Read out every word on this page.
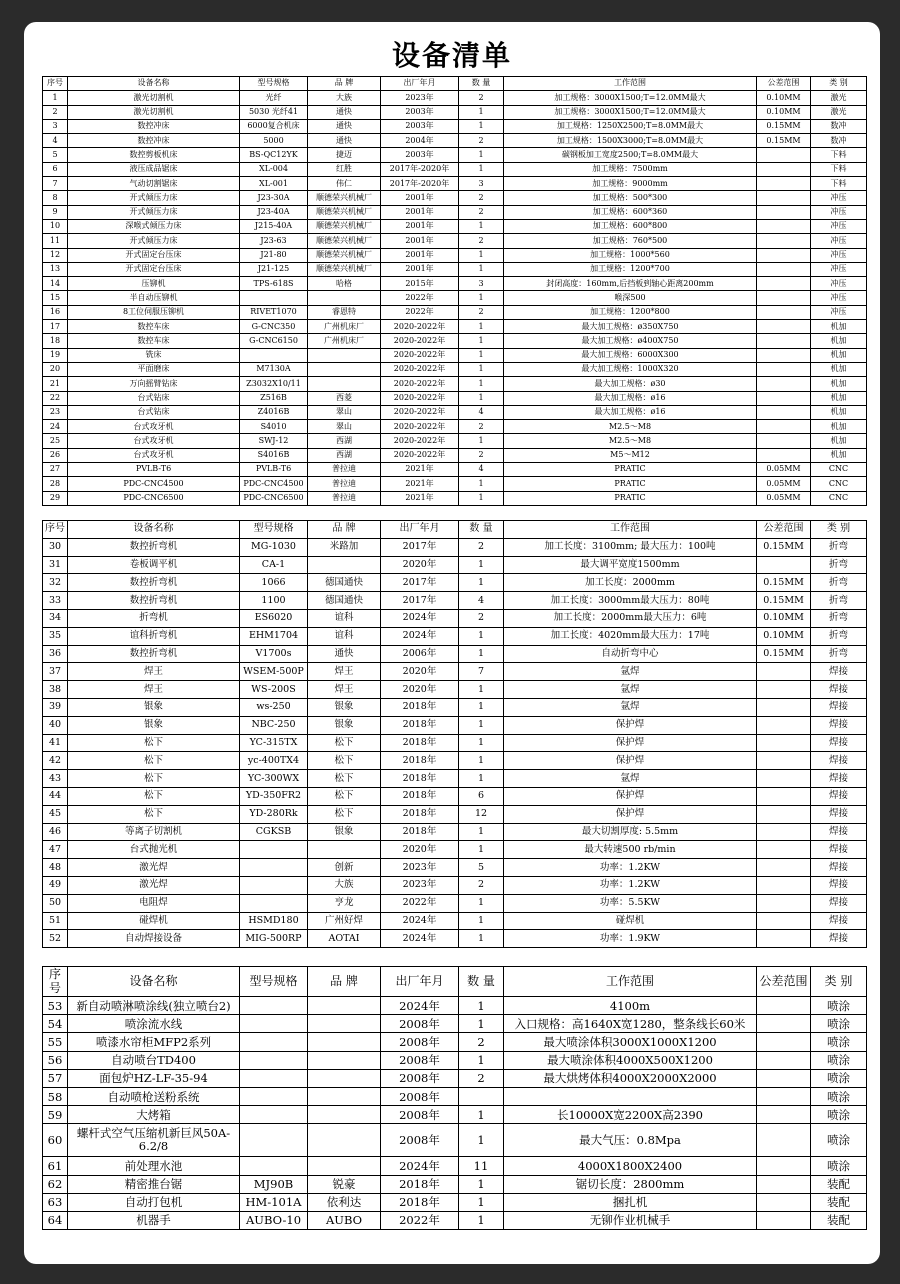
设备清单
序号	设备名称	型号规格	品 牌	出厂年月	数 量	工作范围	公差范围	类 别
1	激光切割机	光纤	大族	2023年	2	加工规格：3000X1500;T=12.0MM最大	0.10MM	激光
2	激光切割机	5030 光纤41	通快	2003年	1	加工规格：3000X1500;T=12.0MM最大	0.10MM	激光
3	数控冲床	6000复合机床	通快	2003年	1	加工规格：1250X2500;T=8.0MM最大	0.15MM	数冲
4	数控冲床	5000	通快	2004年	2	加工规格：1500X3000;T=8.0MM最大	0.15MM	数冲
5	数控剪板机床	BS-QC12YK	捷迈	2003年	1	碳钢板加工宽度2500;T=8.0MM最大		下料
6	液压成品锯床	XL-004	红胜	2017年-2020年	1	加工规格：7500mm		下料
7	气动切割锯床	XL-001	伟仁	2017年-2020年	3	加工规格：9000mm		下料
8	开式倾压力床	J23-30A	顺德荣兴机械厂	2001年	2	加工规格：500*300		冲压
9	开式倾压力床	J23-40A	顺德荣兴机械厂	2001年	2	加工规格：600*360		冲压
10	深喉式倾压力床	J215-40A	顺德荣兴机械厂	2001年	1	加工规格：600*800		冲压
11	开式倾压力床	J23-63	顺德荣兴机械厂	2001年	2	加工规格：760*500		冲压
12	开式固定台压床	J21-80	顺德荣兴机械厂	2001年	1	加工规格：1000*560		冲压
13	开式固定台压床	J21-125	顺德荣兴机械厂	2001年	1	加工规格：1200*700		冲压
14	压铆机	TPS-618S	哈格	2015年	3	封闭高度：160mm,后挡板到轴心距离200mm		冲压
15	半自动压铆机			2022年	1	喉深500		冲压
16	8工位伺服压铆机	RIVET1070	睿恩特	2022年	2	加工规格：1200*800		冲压
17	数控车床	G-CNC350	广州机床厂	2020-2022年	1	最大加工规格：ø350X750		机加
18	数控车床	G-CNC6150	广州机床厂	2020-2022年	1	最大加工规格：ø400X750		机加
19	铣床			2020-2022年	1	最大加工规格：6000X300		机加
20	平面磨床	M7130A		2020-2022年	1	最大加工规格：1000X320		机加
21	万向摇臂钻床	Z3032X10/11		2020-2022年	1	最大加工规格：ø30		机加
22	台式钻床	Z516B	西菱	2020-2022年	1	最大加工规格：ø16		机加
23	台式钻床	Z4016B	翠山	2020-2022年	4	最大加工规格：ø16		机加
24	台式攻牙机	S4010	翠山	2020-2022年	2	M2.5～M8		机加
25	台式攻牙机	SWJ-12	西湖	2020-2022年	1	M2.5～M8		机加
26	台式攻牙机	S4016B	西湖	2020-2022年	2	M5～M12		机加
27	PVLB-T6	PVLB-T6	普拉迪	2021年	4	PRATIC	0.05MM	CNC
28	PDC-CNC4500	PDC-CNC4500	普拉迪	2021年	1	PRATIC	0.05MM	CNC
29	PDC-CNC6500	PDC-CNC6500	普拉迪	2021年	1	PRATIC	0.05MM	CNC
序号	设备名称	型号规格	品 牌	出厂年月	数 量	工作范围	公差范围	类 别
30	数控折弯机	MG-1030	米路加	2017年	2	加工长度：3100mm; 最大压力：100吨	0.15MM	折弯
31	卷板调平机	CA-1		2020年	1	最大调平宽度1500mm		折弯
32	数控折弯机	1066	德国通快	2017年	1	加工长度：2000mm	0.15MM	折弯
33	数控折弯机	1100	德国通快	2017年	4	加工长度：3000mm最大压力：80吨	0.15MM	折弯
34	折弯机	ES6020	谊科	2024年	2	加工长度：2000mm最大压力：6吨	0.10MM	折弯
35	谊科折弯机	EHM1704	谊科	2024年	1	加工长度：4020mm最大压力：17吨	0.10MM	折弯
36	数控折弯机	V1700s	通快	2006年	1	自动折弯中心	0.15MM	折弯
37	焊王	WSEM-500P	焊王	2020年	7	氩焊		焊接
38	焊王	WS-200S	焊王	2020年	1	氩焊		焊接
39	银象	ws-250	银象	2018年	1	氩焊		焊接
40	银象	NBC-250	银象	2018年	1	保护焊		焊接
41	松下	YC-315TX	松下	2018年	1	保护焊		焊接
42	松下	yc-400TX4	松下	2018年	1	保护焊		焊接
43	松下	YC-300WX	松下	2018年	1	氩焊		焊接
44	松下	YD-350FR2	松下	2018年	6	保护焊		焊接
45	松下	YD-280Rk	松下	2018年	12	保护焊		焊接
46	等离子切割机	CGKSB	银象	2018年	1	最大切割厚度: 5.5mm		焊接
47	台式抛光机			2020年	1	最大转速500 rb/min		焊接
48	激光焊		创新	2023年	5	功率：1.2KW		焊接
49	激光焊		大族	2023年	2	功率：1.2KW		焊接
50	电阻焊		亨龙	2022年	1	功率：5.5KW		焊接
51	碰焊机	HSMD180	广州好焊	2024年	1	碰焊机		焊接
52	自动焊接设备	MIG-500RP	AOTAI	2024年	1	功率：1.9KW		焊接
序号	设备名称	型号规格	品 牌	出厂年月	数 量	工作范围	公差范围	类 别
53	新自动喷淋喷涂线(独立喷台2)			2024年	1	4100m		喷涂
54	喷涂流水线			2008年	1	入口规格：高1640X宽1280，整条线长60米		喷涂
55	喷漆水帘柜MFP2系列			2008年	2	最大喷涂体积3000X1000X1200		喷涂
56	自动喷台TD400			2008年	1	最大喷涂体积4000X500X1200		喷涂
57	面包炉HZ-LF-35-94			2008年	2	最大烘烤体积4000X2000X2000		喷涂
58	自动喷枪送粉系统			2008年				喷涂
59	大烤箱			2008年	1	长10000X宽2200X高2390		喷涂
60	螺杆式空气压缩机新巨风50A-6.2/8			2008年	1	最大气压：0.8Mpa		喷涂
61	前处理水池			2024年	11	4000X1800X2400		喷涂
62	精密推台锯	MJ90B	锐豪	2018年	1	锯切长度：2800mm		装配
63	自动打包机	HM-101A	依利达	2018年	1	捆扎机		装配
64	机器手	AUBO-10	AUBO	2022年	1	无铆作业机械手		装配
